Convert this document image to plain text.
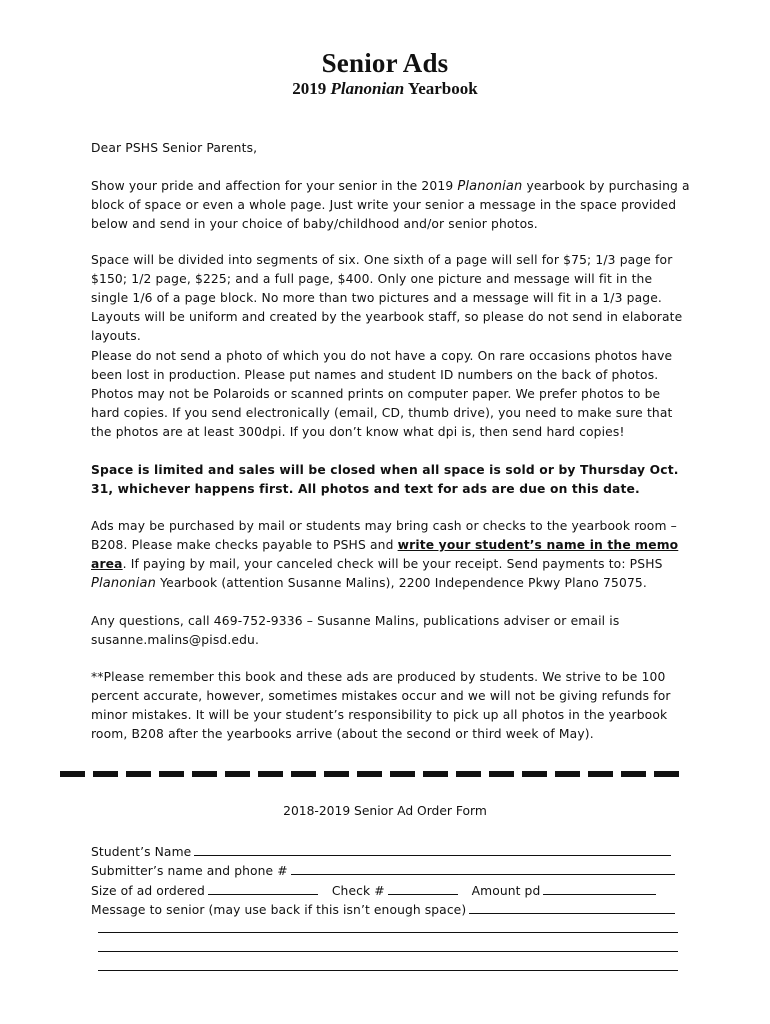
Senior Ads
2019 Planonian Yearbook
Dear PSHS Senior Parents,
Show your pride and affection for your senior in the 2019 Planonian yearbook by purchasing a block of space or even a whole page. Just write your senior a message in the space provided below and send in your choice of baby/childhood and/or senior photos.
Space will be divided into segments of six. One sixth of a page will sell for $75; 1/3 page for $150; 1/2 page, $225; and a full page, $400. Only one picture and message will fit in the single 1/6 of a page block. No more than two pictures and a message will fit in a 1/3 page. Layouts will be uniform and created by the yearbook staff, so please do not send in elaborate layouts.
Please do not send a photo of which you do not have a copy. On rare occasions photos have been lost in production. Please put names and student ID numbers on the back of photos. Photos may not be Polaroids or scanned prints on computer paper. We prefer photos to be hard copies. If you send electronically (email, CD, thumb drive), you need to make sure that the photos are at least 300dpi. If you don’t know what dpi is, then send hard copies!
Space is limited and sales will be closed when all space is sold or by Thursday Oct. 31, whichever happens first. All photos and text for ads are due on this date.
Ads may be purchased by mail or students may bring cash or checks to the yearbook room – B208. Please make checks payable to PSHS and write your student’s name in the memo area. If paying by mail, your canceled check will be your receipt. Send payments to: PSHS Planonian Yearbook (attention Susanne Malins), 2200 Independence Pkwy Plano 75075.
Any questions, call 469-752-9336 – Susanne Malins, publications adviser or email is susanne.malins@pisd.edu.
**Please remember this book and these ads are produced by students. We strive to be 100 percent accurate, however, sometimes mistakes occur and we will not be giving refunds for minor mistakes. It will be your student’s responsibility to pick up all photos in the yearbook room, B208 after the yearbooks arrive (about the second or third week of May).
2018-2019 Senior Ad Order Form
Student’s Name
Submitter’s name and phone #
Size of ad ordered	Check #	Amount pd
Message to senior (may use back if this isn’t enough space)
